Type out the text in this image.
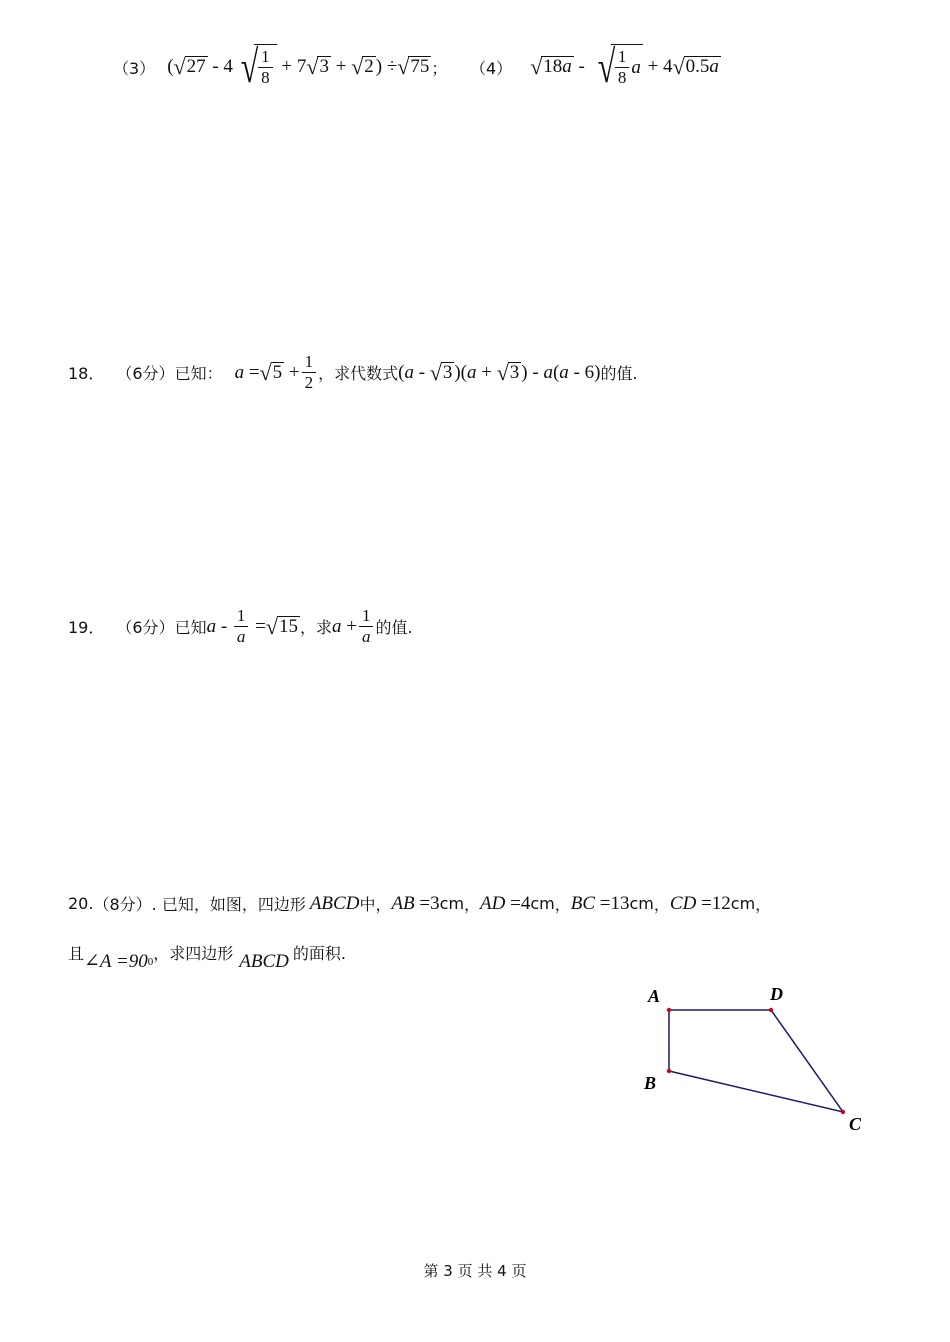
（3） ( √ 27 - 4 √ $\frac{1}{8} + 7$ √ 3 + √ 2 ) ÷ √ 75 ； （4） √ 18a - √ $\frac{1}{8}$ a + 4 √ 0.5a
18． （6分） 已知： a = √ $5 + \frac{1}{2}$ ，求代数式 ( a - √ 3 )( a + √ 3 ) - a ( a - 6) 的值.
19． （6分） 已知 a - $\frac{1}{a}$ = √ 15 ，求 $a + \frac{1}{a}$ 的值.
20. （8分） . 已知，如图，四边形 ABCD 中， AB
=3 cm ， AD
=4 cm ， BC
=13 cm ， CD
=12 cm ，
且 ∠A =90 0 ，求四边形 ABCD 的面积.
A
B
C
D
第 3 页 共 4 页
